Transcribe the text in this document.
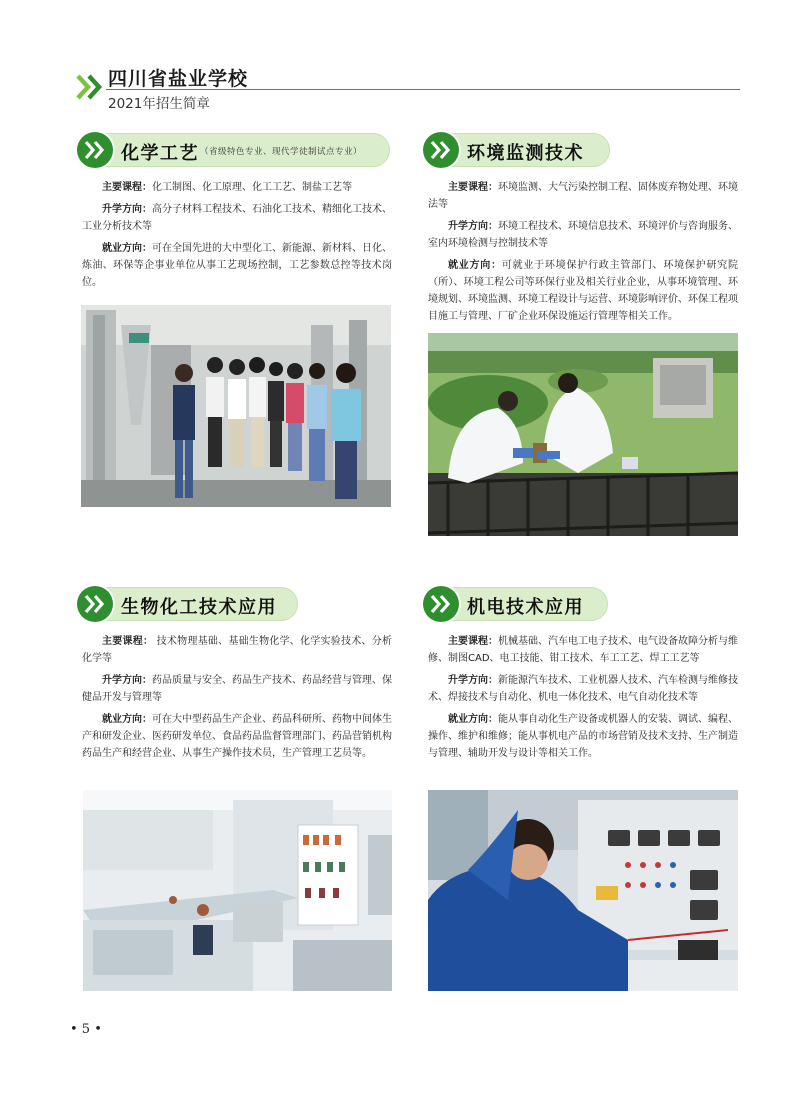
四川省盐业学校
2021年招生简章
化学工艺 （省级特色专业、现代学徒制试点专业）

主要课程：化工制图、化工原理、化工工艺、制盐工艺等

升学方向：高分子材料工程技术、石油化工技术、精细化工技术、工业分析技术等

就业方向：可在全国先进的大中型化工、新能源、新材料、日化、炼油、环保等企事业单位从事工艺现场控制，工艺参数总控等技术岗位。

环境监测技术

主要课程：环境监测、大气污染控制工程、固体废弃物处理、环境法等

升学方向：环境工程技术、环境信息技术、环境评价与咨询服务、室内环境检测与控制技术等

就业方向：可就业于环境保护行政主管部门、环境保护研究院（所）、环境工程公司等环保行业及相关行业企业，从事环境管理、环境规划、环境监测、环境工程设计与运营、环境影响评价、环保工程项目施工与管理、厂矿企业环保设施运行管理等相关工作。

生物化工技术应用

主要课程： 技术物理基础、基础生物化学、化学实验技术、分析化学等

升学方向：药品质量与安全、药品生产技术、药品经营与管理、保健品开发与管理等

就业方向：可在大中型药品生产企业、药品科研所、药物中间体生产和研发企业、医药研发单位、食品药品监督管理部门、药品营销机构药品生产和经营企业、从事生产操作技术员，生产管理工艺员等。

机电技术应用

主要课程：机械基础、汽车电工电子技术、电气设备故障分析与维修、制图CAD、电工技能、钳工技术、车工工艺、焊工工艺等

升学方向：新能源汽车技术、工业机器人技术、汽车检测与维修技术、焊接技术与自动化、机电一体化技术、电气自动化技术等

就业方向：能从事自动化生产设备或机器人的安装、调试、编程、操作、维护和维修；能从事机电产品的市场营销及技术支持、生产制造与管理、辅助开发与设计等相关工作。

• 5 •
